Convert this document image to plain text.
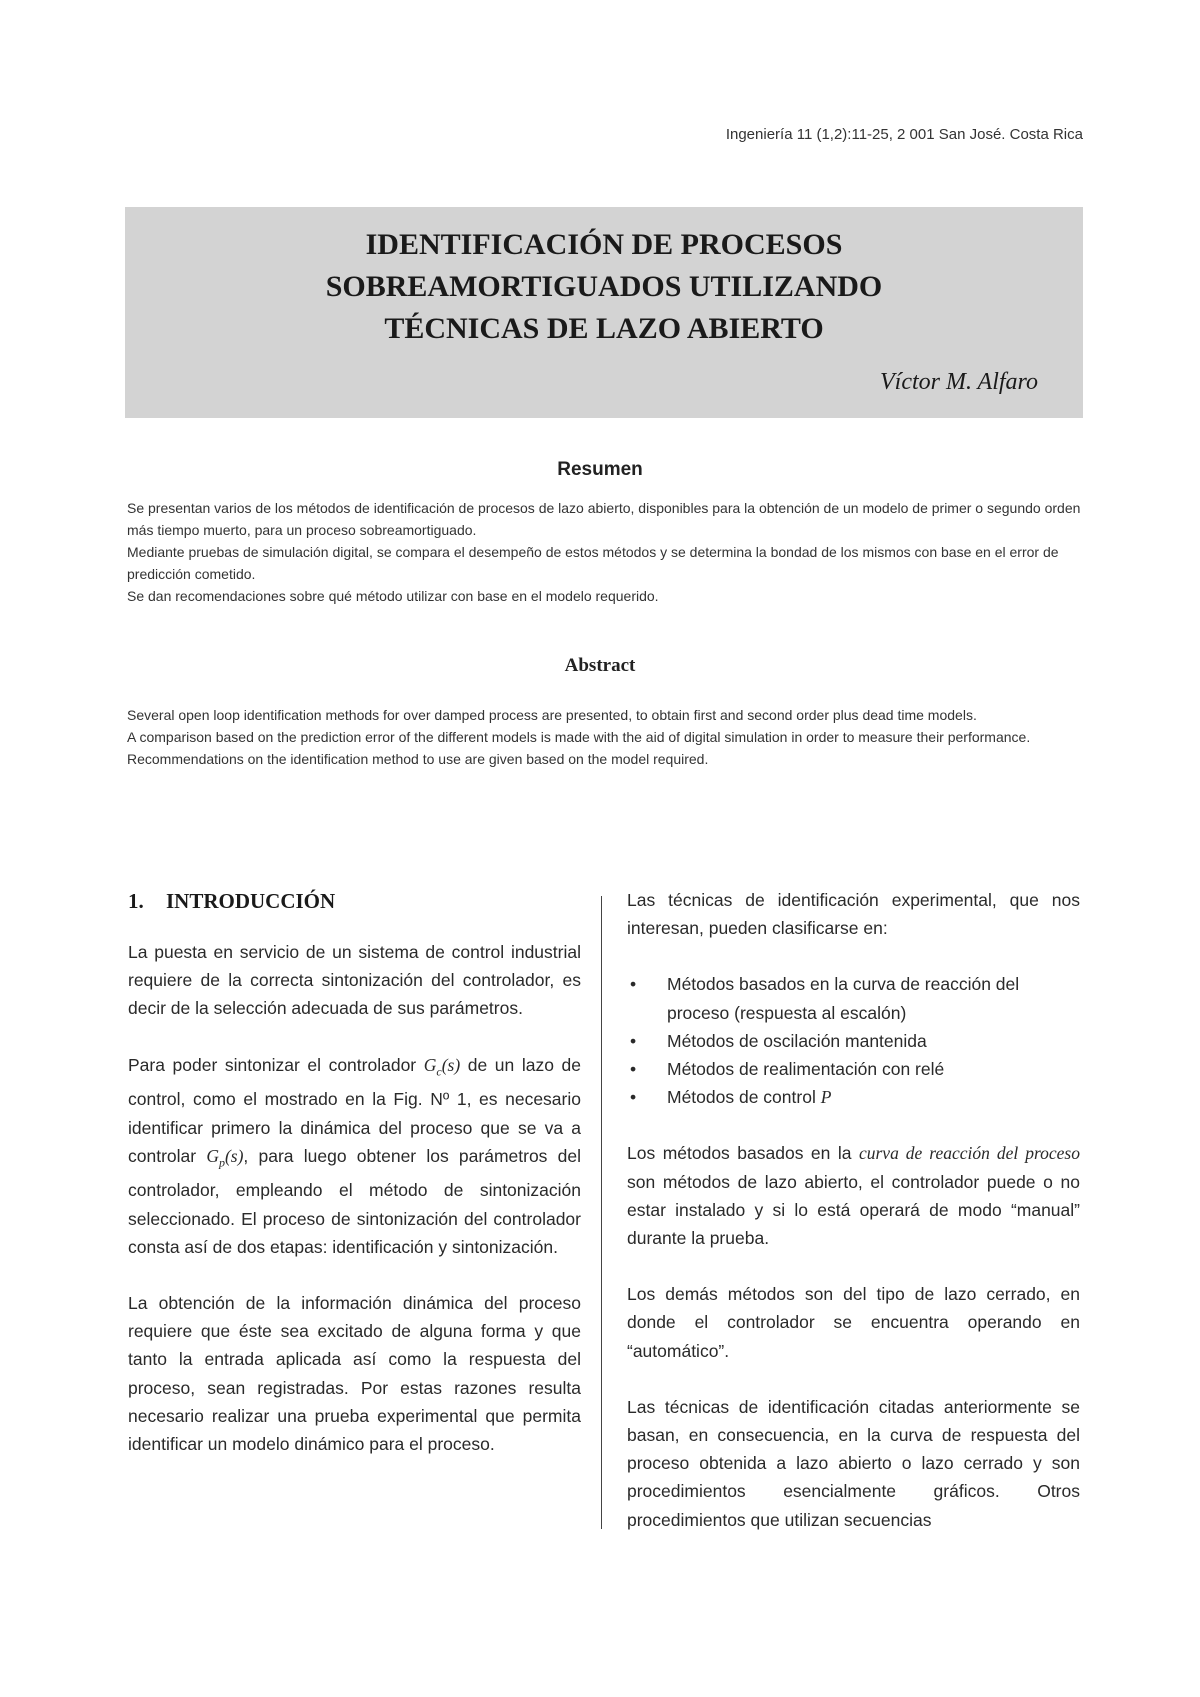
Ingeniería 11 (1,2):11-25, 2 001 San José. Costa Rica
IDENTIFICACIÓN DE PROCESOS
SOBREAMORTIGUADOS UTILIZANDO
TÉCNICAS DE LAZO ABIERTO
Víctor M. Alfaro
Resumen

Se presentan varios de los métodos de identificación de procesos de lazo abierto, disponibles para la obtención de un modelo de primer o segundo orden más tiempo muerto, para un proceso sobreamortiguado.

Mediante pruebas de simulación digital, se compara el desempeño de estos métodos y se determina la bondad de los mismos con base en el error de predicción cometido.

Se dan recomendaciones sobre qué método utilizar con base en el modelo requerido.

Abstract

Several open loop identification methods for over damped process are presented, to obtain first and second order plus dead time models.

A comparison based on the prediction error of the different models is made with the aid of digital simulation in order to measure their performance.

Recommendations on the identification method to use are given based on the model required.

1. INTRODUCCIÓN

La puesta en servicio de un sistema de control industrial requiere de la correcta sintonización del controlador, es decir de la selección adecuada de sus parámetros.

Para poder sintonizar el controlador $G_c(s)$ de un lazo de control, como el mostrado en la Fig. Nº 1, es necesario identificar primero la dinámica del proceso que se va a controlar $G_p(s)$, para luego obtener los parámetros del controlador, empleando el método de sintonización seleccionado. El proceso de sintonización del controlador consta así de dos etapas: identificación y sintonización.

La obtención de la información dinámica del proceso requiere que éste sea excitado de alguna forma y que tanto la entrada aplicada así como la respuesta del proceso, sean registradas. Por estas razones resulta necesario realizar una prueba experimental que permita identificar un modelo dinámico para el proceso.

Las técnicas de identificación experimental, que nos interesan, pueden clasificarse en:

• Métodos basados en la curva de reacción del proceso (respuesta al escalón)
• Métodos de oscilación mantenida
• Métodos de realimentación con relé
• Métodos de control P

Los métodos basados en la curva de reacción del proceso son métodos de lazo abierto, el controlador puede o no estar instalado y si lo está operará de modo “manual” durante la prueba.

Los demás métodos son del tipo de lazo cerrado, en donde el controlador se encuentra operando en “automático”.

Las técnicas de identificación citadas anteriormente se basan, en consecuencia, en la curva de respuesta del proceso obtenida a lazo abierto o lazo cerrado y son procedimientos esencialmente gráficos. Otros procedimientos que utilizan secuencias
